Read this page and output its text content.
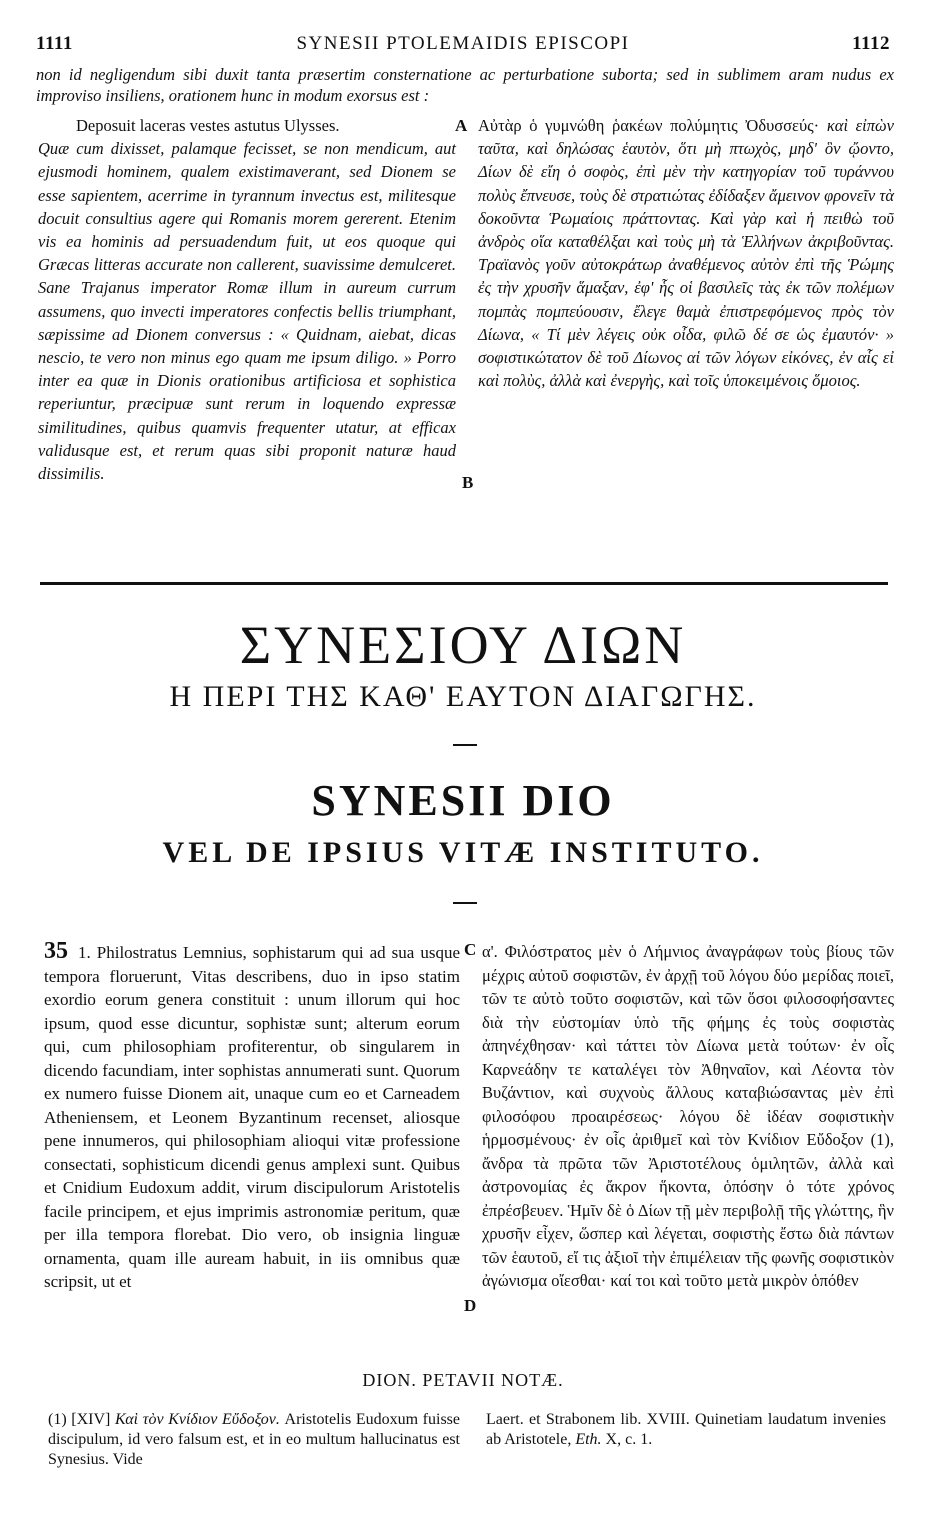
1111	SYNESII PTOLEMAIDIS EPISCOPI	1112
non id negligendum sibi duxit tanta præsertim consternatione ac perturbatione suborta; sed in sublimem aram nudus ex improviso insiliens, orationem hunc in modum exorsus est :
Deposuit laceras vestes astutus Ulysses.
Quæ cum dixisset, palamque fecisset, se non mendicum, aut ejusmodi hominem, qualem existimaverant, sed Dionem se esse sapientem, acerrime in tyrannum invectus est, militesque docuit consultius agere qui Romanis morem gererent. Etenim vis ea hominis ad persuadendum fuit, ut eos quoque qui Græcas litteras accurate non callerent, suavissime demulceret. Sane Trajanus imperator Romæ illum in aureum currum assumens, quo invecti imperatores confectis bellis triumphant, sæpissime ad Dionem conversus : « Quidnam, aiebat, dicas nescio, te vero non minus ego quam me ipsum diligo. » Porro inter ea quæ in Dionis orationibus artificiosa et sophistica reperiuntur, præcipuæ sunt rerum in loquendo expressæ similitudines, quibus quamvis frequenter utatur, at efficax validusque est, et rerum quas sibi proponit naturæ haud dissimilis.
A Αὐτὰρ ὁ γυμνώθη ῥακέων πολύμητις Ὀδυσσεύς· καὶ εἰπὼν ταῦτα, καὶ δηλώσας ἑαυτὸν, ὅτι μὴ πτωχὸς, μηδ' ὃν ᾤοντο, Δίων δὲ εἴη ὁ σοφὸς, ἐπὶ μὲν τὴν κατηγορίαν τοῦ τυράννου πολὺς ἔπνευσε, τοὺς δὲ στρατιώτας ἐδίδαξεν ἄμεινον φρονεῖν τὰ δοκοῦντα Ῥωμαίοις πράττοντας. Καὶ γὰρ καὶ ἡ πειθὼ τοῦ ἀνδρὸς οἵα καταθέλξαι καὶ τοὺς μὴ τὰ Ἑλλήνων ἀκριβοῦντας. Τραϊανὸς γοῦν αὐτοκράτωρ ἀναθέμενος αὐτὸν ἐπὶ τῆς Ῥώμης ἐς τὴν χρυσῆν ἅμαξαν, ἐφ' ἧς οἱ βασιλεῖς τὰς ἐκ τῶν πολέμων πομπὰς πομπεύουσιν, ἔλεγε θαμὰ ἐπιστρεφόμενος πρὸς τὸν Δίωνα, « Τί μὲν λέγεις οὐκ οἶδα, φιλῶ δέ σε ὡς ἐμαυτόν· » σοφιστικώτατον δὲ τοῦ Δίωνος αἱ τῶν λόγων εἰκόνες, ἐν αἷς εἰ καὶ πολὺς, ἀλλὰ καὶ ἐνεργὴς, καὶ τοῖς ὑποκειμένοις ὅμοιος.
B
ΣΥΝΕΣΙΟΥ ΔΙΩΝ
Η ΠΕΡΙ ΤΗΣ ΚΑΘ' ΕΑΥΤΟΝ ΔΙΑΓΩΓΗΣ.
SYNESII DIO
VEL DE IPSIUS VITÆ INSTITUTO.
35 1. Philostratus Lemnius, sophistarum qui ad sua usque tempora floruerunt, Vitas describens, duo in ipso statim exordio eorum genera constituit : unum illorum qui hoc ipsum, quod esse dicuntur, sophistæ sunt; alterum eorum qui, cum philosophiam profiterentur, ob singularem in dicendo facundiam, inter sophistas annumerati sunt. Quorum ex numero fuisse Dionem ait, unaque cum eo et Carneadem Atheniensem, et Leonem Byzantinum recenset, aliosque pene innumeros, qui philosophiam alioqui vitæ professione consectati, sophisticum dicendi genus amplexi sunt. Quibus et Cnidium Eudoxum addit, virum discipulorum Aristotelis facile principem, et ejus imprimis astronomiæ peritum, quæ per illa tempora florebat. Dio vero, ob insignia linguæ ornamenta, quam ille auream habuit, in iis omnibus quæ scripsit, ut et
C α'. Φιλόστρατος μὲν ὁ Λήμνιος ἀναγράφων τοὺς βίους τῶν μέχρις αὐτοῦ σοφιστῶν, ἐν ἀρχῇ τοῦ λόγου δύο μερίδας ποιεῖ, τῶν τε αὐτὸ τοῦτο σοφιστῶν, καὶ τῶν ὅσοι φιλοσοφήσαντες διὰ τὴν εὐστομίαν ὑπὸ τῆς φήμης ἐς τοὺς σοφιστὰς ἀπηνέχθησαν· καὶ τάττει τὸν Δίωνα μετὰ τούτων· ἐν οἷς Καρνεάδην τε καταλέγει τὸν Ἀθηναῖον, καὶ Λέοντα τὸν Βυζάντιον, καὶ συχνοὺς ἄλλους καταβιώσαντας μὲν ἐπὶ φιλοσόφου προαιρέσεως· λόγου δὲ ἰδέαν σοφιστικὴν ἡρμοσμένους· ἐν οἷς ἀριθμεῖ καὶ τὸν Κνίδιον Εὔδοξον (1), ἄνδρα τὰ πρῶτα τῶν Ἀριστοτέλους ὁμιλητῶν, ἀλλὰ καὶ ἀστρονομίας ἐς ἄκρον ἥκοντα, ὁπόσην ὁ τότε χρόνος ἐπρέσβευεν. Ἡμῖν δὲ ὁ Δίων τῇ μὲν περιβολῇ τῆς γλώττης, ἣν χρυσῆν εἶχεν, ὥσπερ καὶ λέγεται, σοφιστὴς ἔστω διὰ πάντων τῶν ἑαυτοῦ, εἴ τις ἀξιοῖ τὴν ἐπιμέλειαν τῆς φωνῆς σοφιστικὸν ἀγώνισμα οἴεσθαι· καί τοι καὶ τοῦτο μετὰ μικρὸν ὁπόθεν
D
DION. PETAVII NOTÆ.
(1) [XIV] Καὶ τὸν Κνίδιον Εὔδοξον. Aristotelis Eudoxum fuisse discipulum, id vero falsum est, et in eo multum hallucinatus est Synesius. Vide
Laert. et Strabonem lib. XVIII. Quinetiam laudatum invenies ab Aristotele, Eth. X, c. 1.
